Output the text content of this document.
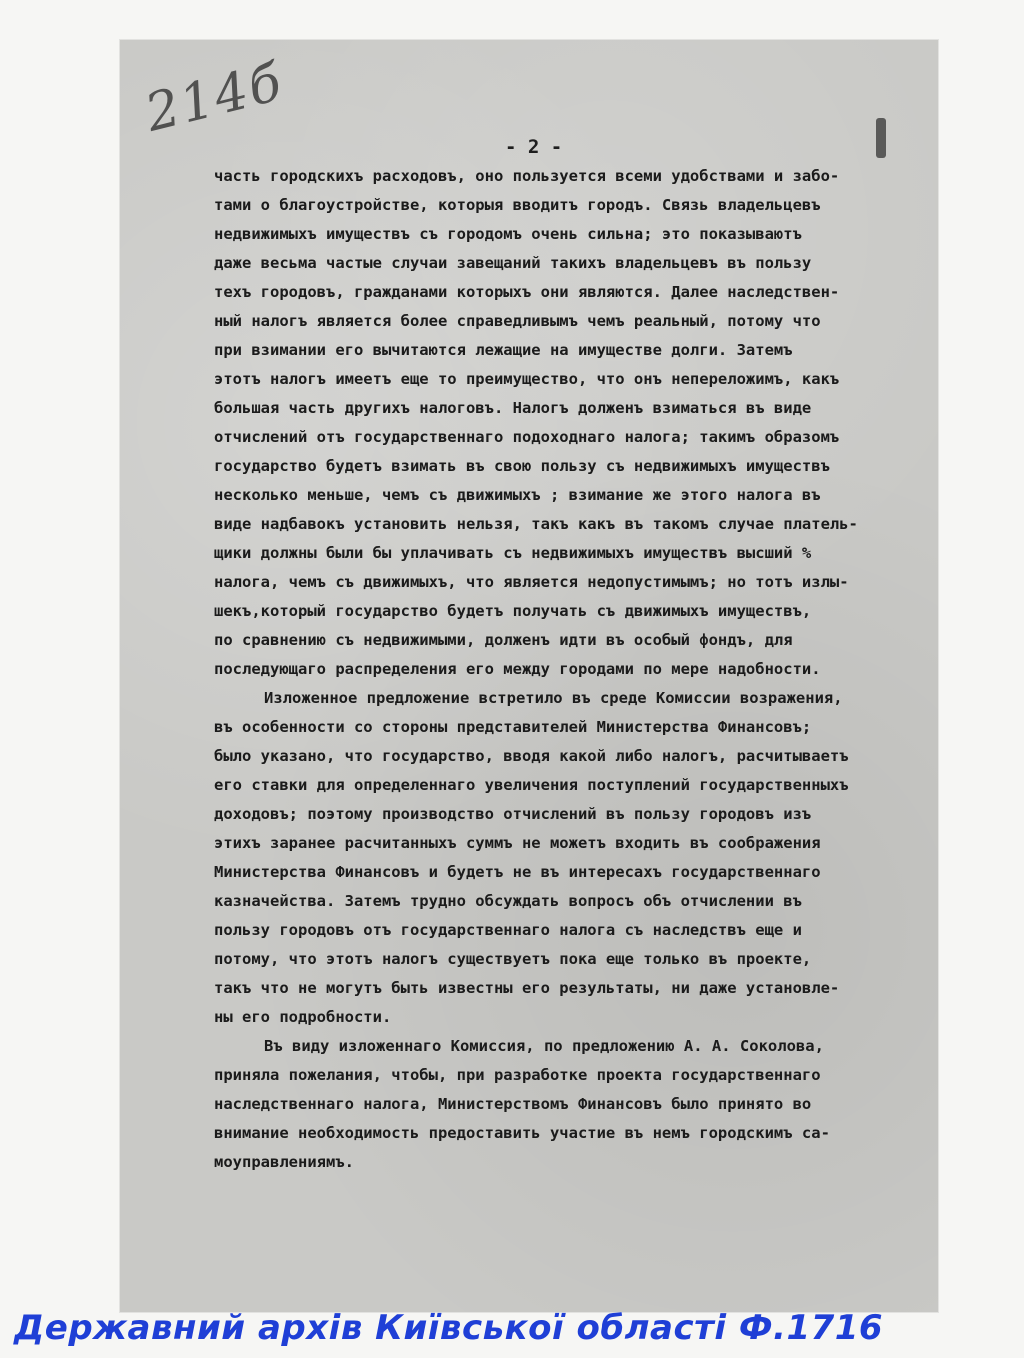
214б
- 2 -
часть городскихъ расходовъ, оно пользуется всеми удобствами и забо-
тами о благоустройстве, которыя вводитъ городъ. Связь владельцевъ
недвижимыхъ имуществъ съ городомъ очень сильна; это показываютъ
даже весьма частые случаи завещаний такихъ владельцевъ въ пользу
техъ городовъ, гражданами которыхъ они являются. Далее наследствен-
ный налогъ является более справедливымъ чемъ реальный, потому что
при взимании его вычитаются лежащие на имуществе долги. Затемъ
этотъ налогъ имеетъ еще то преимущество, что онъ непереложимъ, какъ
большая часть другихъ налоговъ. Налогъ долженъ взиматься въ виде
отчислений отъ государственнаго подоходнаго налога; такимъ образомъ
государство будетъ взимать въ свою пользу съ недвижимыхъ имуществъ
несколько меньше, чемъ съ движимыхъ ; взимание же этого налога въ
виде надбавокъ установить нельзя, такъ какъ въ такомъ случае платель-
щики должны были бы уплачивать съ недвижимыхъ имуществъ высший %
налога, чемъ съ движимыхъ, что является недопустимымъ; но тотъ излы-
шекъ,который государство будетъ получать съ движимыхъ имуществъ,
по сравнению съ недвижимыми, долженъ идти въ особый фондъ, для
последующаго распределения его между городами по мере надобности.
Изложенное предложение встретило въ среде Комиссии возражения,
въ особенности со стороны представителей Министерства Финансовъ;
было указано, что государство, вводя какой либо налогъ, расчитываетъ
его ставки для определеннаго увеличения поступлений государственныхъ
доходовъ; поэтому производство отчислений въ пользу городовъ изъ
этихъ заранее расчитанныхъ суммъ не можетъ входить въ соображения
Министерства Финансовъ и будетъ не въ интересахъ государственнаго
казначейства. Затемъ трудно обсуждать вопросъ объ отчислении въ
пользу городовъ отъ государственнаго налога съ наследствъ еще и
потому, что этотъ налогъ существуетъ пока еще только въ проекте,
такъ что не могутъ быть известны его результаты, ни даже установле-
ны его подробности.
Въ виду изложеннаго Комиссия, по предложению А. А. Соколова,
приняла пожелания, чтобы, при разработке проекта государственнаго
наследственнаго налога, Министерствомъ Финансовъ было принято во
внимание необходимость предоставить участие въ немъ городскимъ са-
моуправлениямъ.
Державний архів Київської області Ф.1716
